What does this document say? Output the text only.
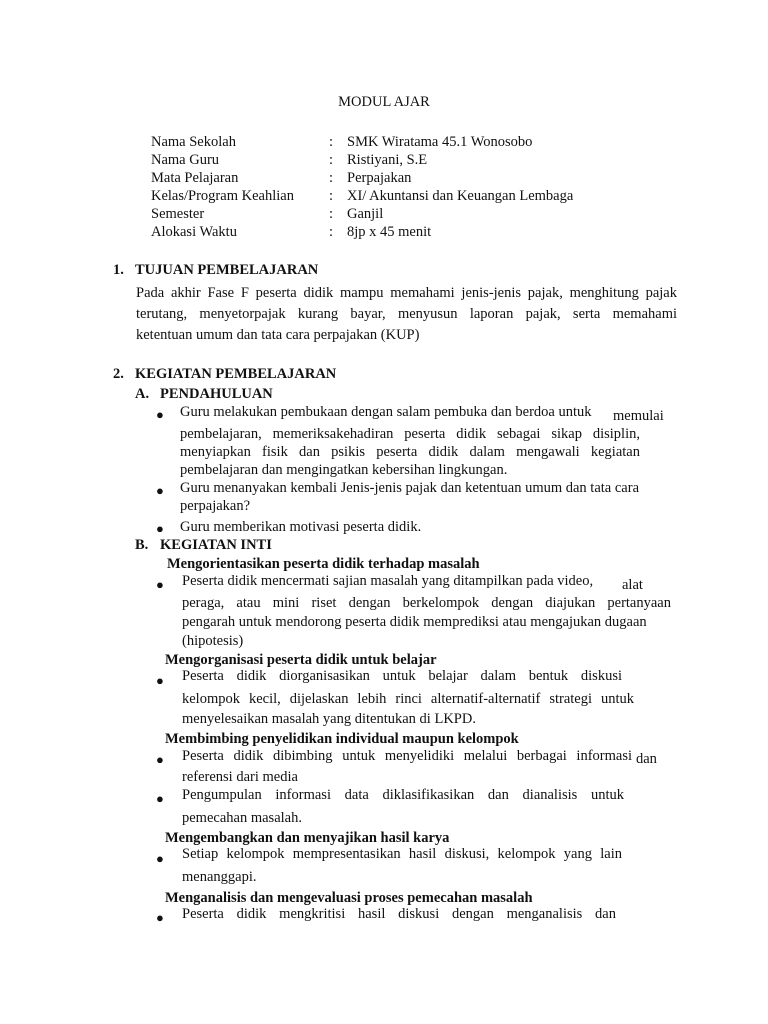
MODUL AJAR
Nama Sekolah	: SMK Wiratama 45.1 Wonosobo
Nama Guru	: Ristiyani, S.E
Mata Pelajaran	: Perpajakan
Kelas/Program Keahlian : XI/ Akuntansi dan Keuangan Lembaga
Semester	: Ganjil
Alokasi Waktu	: 8jp x 45 menit
1. TUJUAN PEMBELAJARAN
Pada akhir Fase F peserta didik mampu memahami jenis-jenis pajak, menghitung pajak
terutang, menyetorpajak kurang bayar, menyusun laporan pajak, serta memahami
ketentuan umum dan tata cara perpajakan (KUP)
2. KEGIATAN PEMBELAJARAN
A. PENDAHULUAN
● Guru melakukan pembukaan dengan salam pembuka dan berdoa untuk memulai
pembelajaran, memeriksakehadiran peserta didik sebagai sikap disiplin,
menyiapkan fisik dan psikis peserta didik dalam mengawali kegiatan
pembelajaran dan mengingatkan kebersihan lingkungan.
● Guru menanyakan kembali Jenis-jenis pajak dan ketentuan umum dan tata cara
perpajakan?
● Guru memberikan motivasi peserta didik.
B. KEGIATAN INTI
Mengorientasikan peserta didik terhadap masalah
● Peserta didik mencermati sajian masalah yang ditampilkan pada video, alat
peraga, atau mini riset dengan berkelompok dengan diajukan pertanyaan
pengarah untuk mendorong peserta didik memprediksi atau mengajukan dugaan
(hipotesis)
Mengorganisasi peserta didik untuk belajar
● Peserta didik diorganisasikan untuk belajar dalam bentuk diskusi
kelompok kecil, dijelaskan lebih rinci alternatif-alternatif strategi untuk
menyelesaikan masalah yang ditentukan di LKPD.
Membimbing penyelidikan individual maupun kelompok
● Peserta didik dibimbing untuk menyelidiki melalui berbagai informasi dan
referensi dari media
● Pengumpulan informasi data diklasifikasikan dan dianalisis untuk
pemecahan masalah.
Mengembangkan dan menyajikan hasil karya
● Setiap kelompok mempresentasikan hasil diskusi, kelompok yang lain
menanggapi.
Menganalisis dan mengevaluasi proses pemecahan masalah
● Peserta didik mengkritisi hasil diskusi dengan menganalisis dan
